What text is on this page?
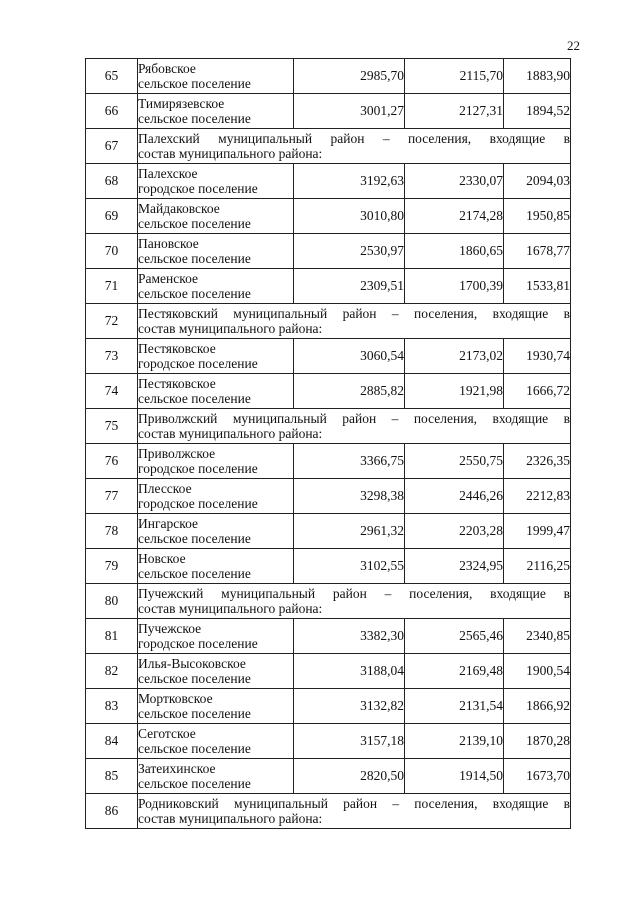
22
65	Рябовское
сельское поселение	2985,70	2115,70	1883,90
66	Тимирязевское
сельское поселение	3001,27	2127,31	1894,52
67	Палехский муниципальный район – поселения, входящие в
состав муниципального района:			

68	Палехское
городское поселение	3192,63	2330,07	2094,03
69	Майдаковское
сельское поселение	3010,80	2174,28	1950,85
70	Пановское
сельское поселение	2530,97	1860,65	1678,77
71	Раменское
сельское поселение	2309,51	1700,39	1533,81
72	Пестяковский муниципальный район – поселения, входящие в
состав муниципального района:			

73	Пестяковское
городское поселение	3060,54	2173,02	1930,74
74	Пестяковское
сельское поселение	2885,82	1921,98	1666,72
75	Приволжский муниципальный район – поселения, входящие в
состав муниципального района:			

76	Приволжское
городское поселение	3366,75	2550,75	2326,35
77	Плесское
городское поселение	3298,38	2446,26	2212,83
78	Ингарское
сельское поселение	2961,32	2203,28	1999,47
79	Новское
сельское поселение	3102,55	2324,95	2116,25
80	Пучежский муниципальный район – поселения, входящие в
состав муниципального района:			

81	Пучежское
городское поселение	3382,30	2565,46	2340,85
82	Илья-Высоковское
сельское поселение	3188,04	2169,48	1900,54
83	Мортковское
сельское поселение	3132,82	2131,54	1866,92
84	Сеготское
сельское поселение	3157,18	2139,10	1870,28
85	Затеихинское
сельское поселение	2820,50	1914,50	1673,70
86	Родниковский муниципальный район – поселения, входящие в
состав муниципального района:			
